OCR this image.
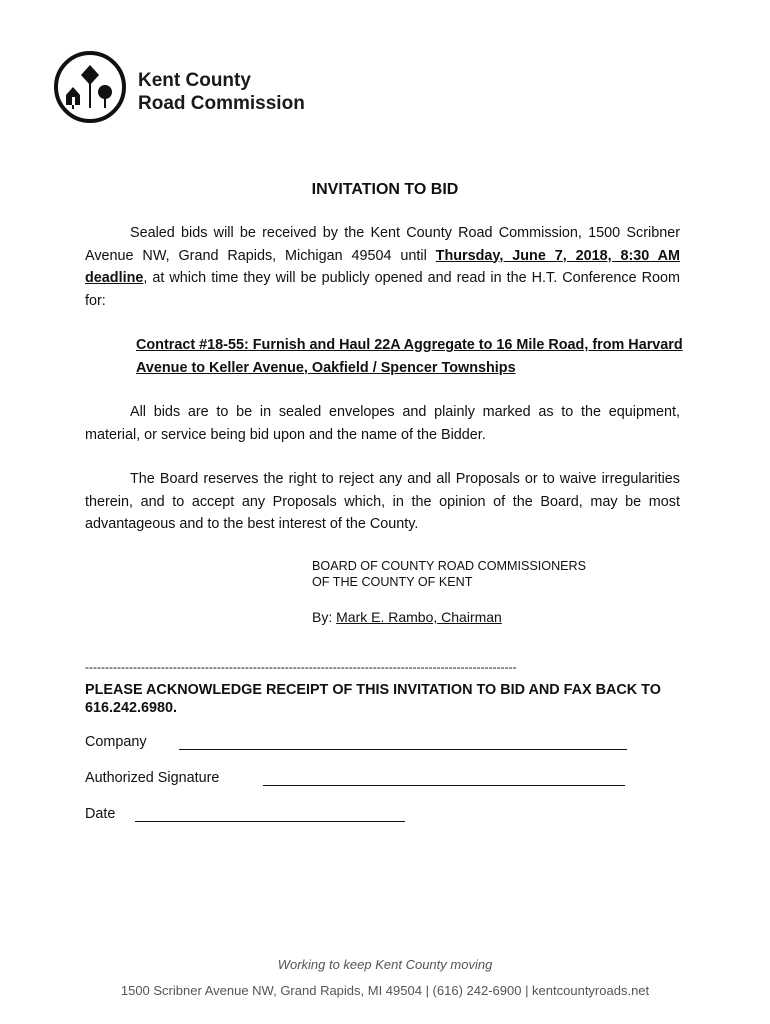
Kent County
Road Commission
INVITATION TO BID
Sealed bids will be received by the Kent County Road Commission, 1500 Scribner Avenue NW, Grand Rapids, Michigan 49504 until Thursday, June 7, 2018, 8:30 AM deadline, at which time they will be publicly opened and read in the H.T. Conference Room for:
Contract #18-55: Furnish and Haul 22A Aggregate to 16 Mile Road, from Harvard Avenue to Keller Avenue, Oakfield / Spencer Townships
All bids are to be in sealed envelopes and plainly marked as to the equipment, material, or service being bid upon and the name of the Bidder.
The Board reserves the right to reject any and all Proposals or to waive irregularities therein, and to accept any Proposals which, in the opinion of the Board, may be most advantageous and to the best interest of the County.
BOARD OF COUNTY ROAD COMMISSIONERS
OF THE COUNTY OF KENT
By: Mark E. Rambo, Chairman
------------------------------------------------------------------------------------------------------------
PLEASE ACKNOWLEDGE RECEIPT OF THIS INVITATION TO BID AND FAX BACK TO 616.242.6980.
Company
Authorized Signature
Date
Working to keep Kent County moving
1500 Scribner Avenue NW, Grand Rapids, MI 49504 | (616) 242-6900 | kentcountyroads.net
